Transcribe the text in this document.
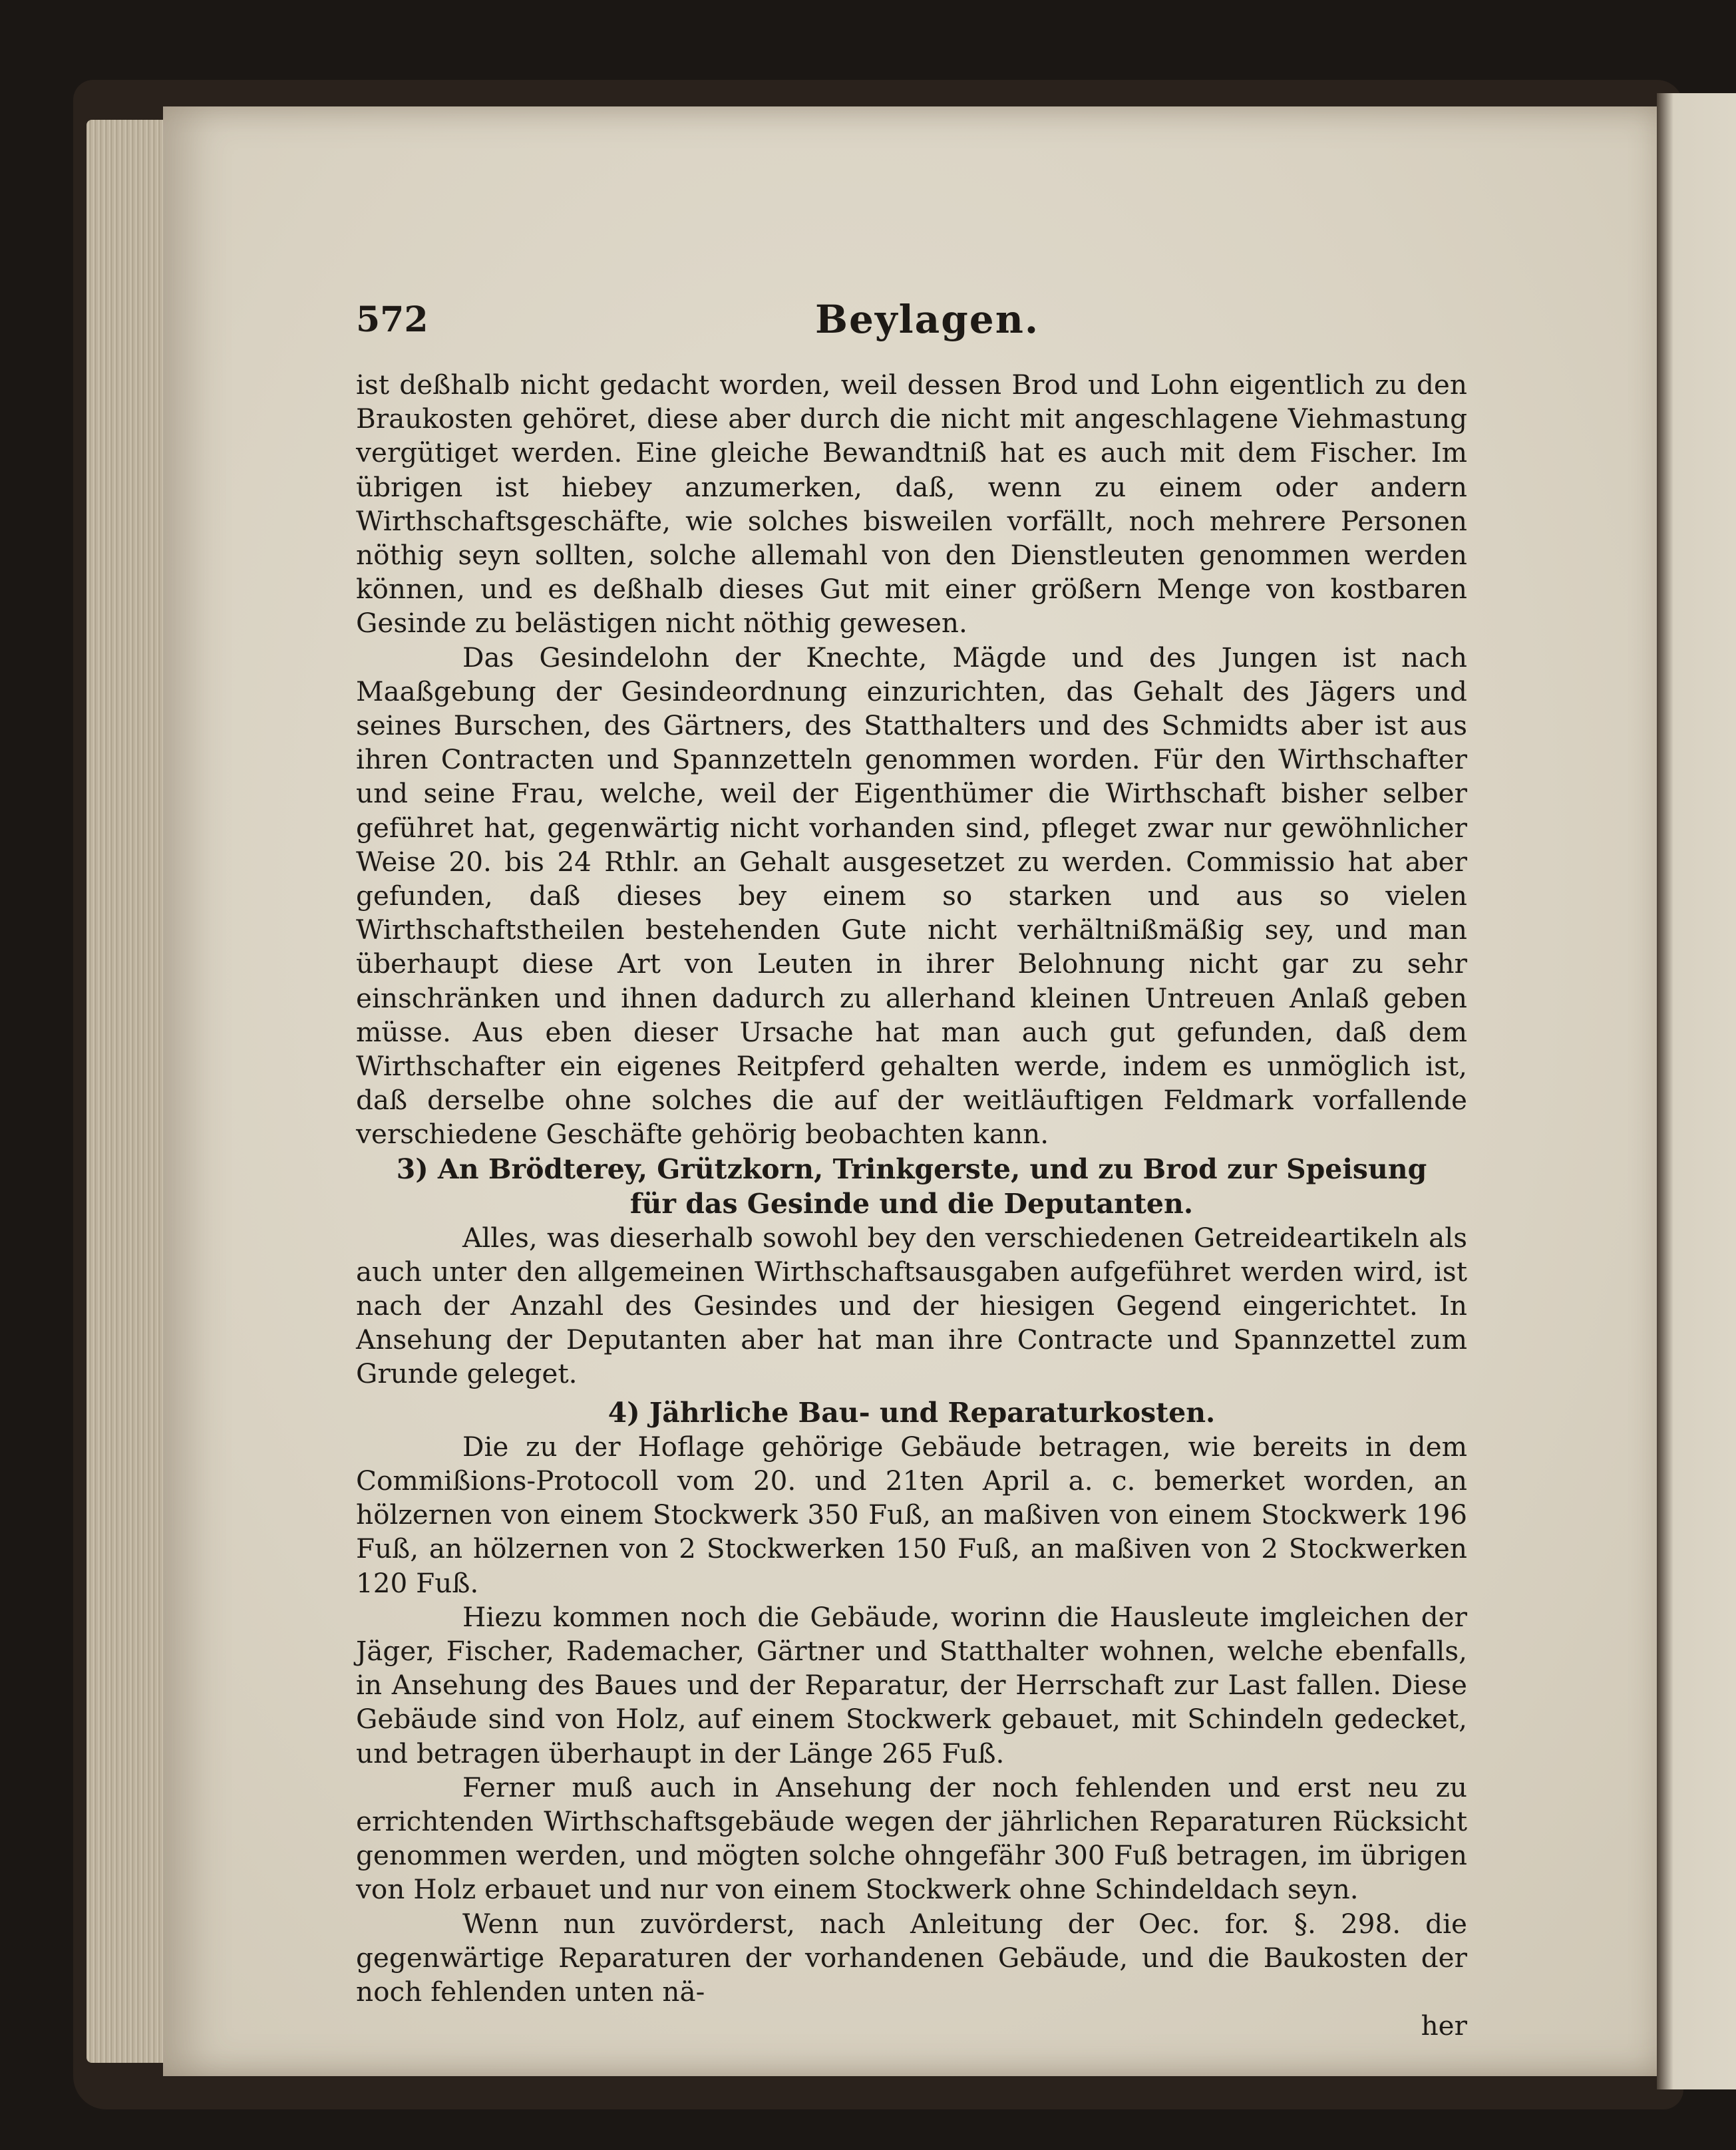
572	Beylagen.

ist deßhalb nicht gedacht worden, weil dessen Brod und Lohn eigentlich zu den Braukosten gehöret, diese aber durch die nicht mit angeschlagene Viehmastung vergütiget werden. Eine gleiche Bewandtniß hat es auch mit dem Fischer. Im übrigen ist hiebey anzumerken, daß, wenn zu einem oder andern Wirthschaftsgeschäfte, wie solches bisweilen vorfällt, noch mehrere Personen nöthig seyn sollten, solche allemahl von den Dienstleuten genommen werden können, und es deßhalb dieses Gut mit einer größern Menge von kostbaren Gesinde zu belästigen nicht nöthig gewesen.

Das Gesindelohn der Knechte, Mägde und des Jungen ist nach Maaßgebung der Gesindeordnung einzurichten, das Gehalt des Jägers und seines Burschen, des Gärtners, des Statthalters und des Schmidts aber ist aus ihren Contracten und Spannzetteln genommen worden. Für den Wirthschafter und seine Frau, welche, weil der Eigenthümer die Wirthschaft bisher selber geführet hat, gegenwärtig nicht vorhanden sind, pfleget zwar nur gewöhnlicher Weise 20. bis 24 Rthlr. an Gehalt ausgesetzet zu werden. Commissio hat aber gefunden, daß dieses bey einem so starken und aus so vielen Wirthschaftstheilen bestehenden Gute nicht verhältnißmäßig sey, und man überhaupt diese Art von Leuten in ihrer Belohnung nicht gar zu sehr einschränken und ihnen dadurch zu allerhand kleinen Untreuen Anlaß geben müsse. Aus eben dieser Ursache hat man auch gut gefunden, daß dem Wirthschafter ein eigenes Reitpferd gehalten werde, indem es unmöglich ist, daß derselbe ohne solches die auf der weitläuftigen Feldmark vorfallende verschiedene Geschäfte gehörig beobachten kann.

3) An Brödterey, Grützkorn, Trinkgerste, und zu Brod zur Speisung für das Gesinde und die Deputanten.

Alles, was dieserhalb sowohl bey den verschiedenen Getreideartikeln als auch unter den allgemeinen Wirthschaftsausgaben aufgeführet werden wird, ist nach der Anzahl des Gesindes und der hiesigen Gegend eingerichtet. In Ansehung der Deputanten aber hat man ihre Contracte und Spannzettel zum Grunde geleget.

4) Jährliche Bau- und Reparaturkosten.

Die zu der Hoflage gehörige Gebäude betragen, wie bereits in dem Commißions-Protocoll vom 20. und 21ten April a. c. bemerket worden, an hölzernen von einem Stockwerk 350 Fuß, an maßiven von einem Stockwerk 196 Fuß, an hölzernen von 2 Stockwerken 150 Fuß, an maßiven von 2 Stockwerken 120 Fuß.

Hiezu kommen noch die Gebäude, worinn die Hausleute imgleichen der Jäger, Fischer, Rademacher, Gärtner und Statthalter wohnen, welche ebenfalls, in Ansehung des Baues und der Reparatur, der Herrschaft zur Last fallen. Diese Gebäude sind von Holz, auf einem Stockwerk gebauet, mit Schindeln gedecket, und betragen überhaupt in der Länge 265 Fuß.

Ferner muß auch in Ansehung der noch fehlenden und erst neu zu errichtenden Wirthschaftsgebäude wegen der jährlichen Reparaturen Rücksicht genommen werden, und mögten solche ohngefähr 300 Fuß betragen, im übrigen von Holz erbauet und nur von einem Stockwerk ohne Schindeldach seyn.

Wenn nun zuvörderst, nach Anleitung der Oec. for. §. 298. die gegenwärtige Reparaturen der vorhandenen Gebäude, und die Baukosten der noch fehlenden unten nä-

her
